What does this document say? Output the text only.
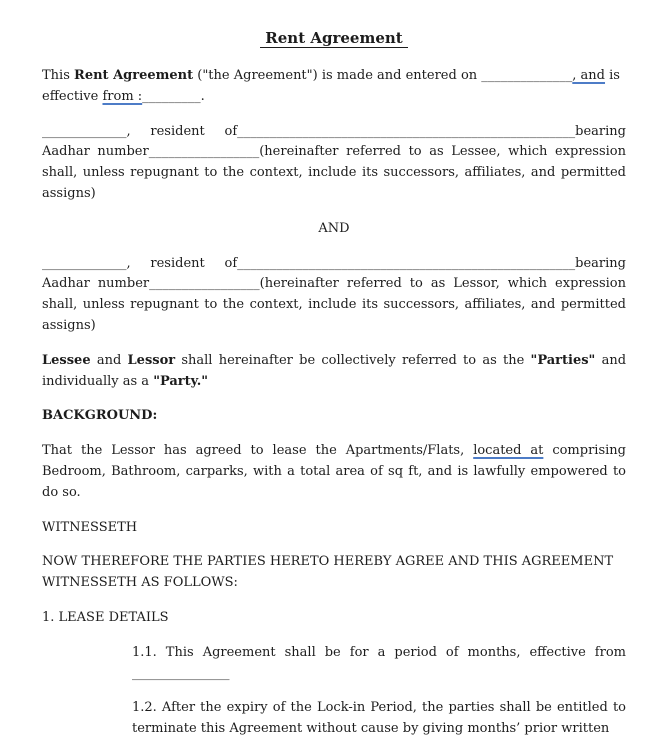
Rent Agreement

This Rent Agreement ("the Agreement") is made and entered on ______________, and is effective from :_________.

_____________, resident of____________________________________________________bearing Aadhar number_________________(hereinafter referred to as Lessee, which expression shall, unless repugnant to the context, include its successors, affiliates, and permitted assigns)

AND

_____________, resident of____________________________________________________bearing Aadhar number_________________(hereinafter referred to as Lessor, which expression shall, unless repugnant to the context, include its successors, affiliates, and permitted assigns)

Lessee and Lessor shall hereinafter be collectively referred to as the "Parties" and individually as a "Party."

BACKGROUND:

That the Lessor has agreed to lease the Apartments/Flats, located at comprising Bedroom, Bathroom, carparks, with a total area of sq ft, and is lawfully empowered to do so.

WITNESSETH

NOW THEREFORE THE PARTIES HERETO HEREBY AGREE AND THIS AGREEMENT WITNESSETH AS FOLLOWS:

1. LEASE DETAILS

1.1. This Agreement shall be for a period of months, effective from _______________

1.2. After the expiry of the Lock-in Period, the parties shall be entitled to terminate this Agreement without cause by giving months’ prior written
